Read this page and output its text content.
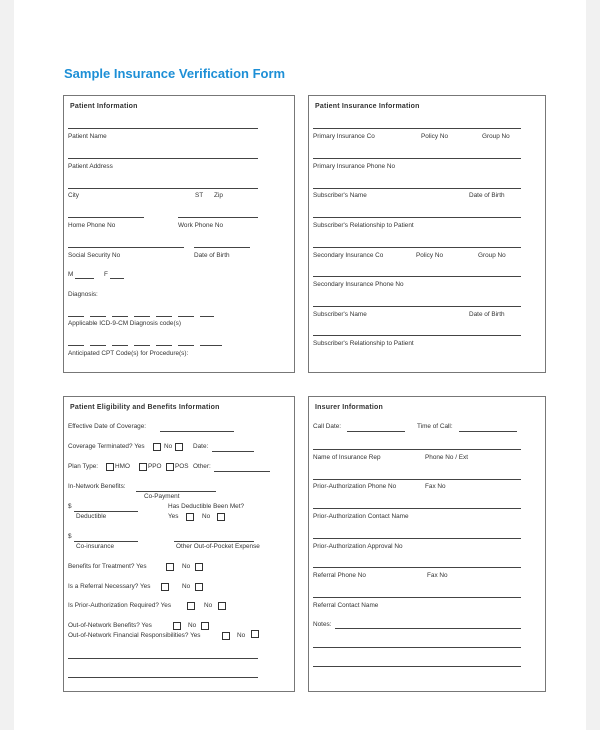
Sample Insurance Verification Form
Patient Information
Patient Name
Patient Address
City	ST Zip
Home Phone No	Work Phone No
Social Security No	Date of Birth
M	F
Diagnosis:
Applicable ICD-9-CM Diagnosis code(s)
Anticipated CPT Code(s) for Procedure(s):
Patient Insurance Information
Primary Insurance Co	Policy No	Group No
Primary Insurance Phone No
Subscriber's Name	Date of Birth
Subscriber's Relationship to Patient
Secondary Insurance Co	Policy No	Group No
Secondary Insurance Phone No
Subscriber's Name	Date of Birth
Subscriber's Relationship to Patient
Patient Eligibility and Benefits Information
Effective Date of Coverage:
Coverage Terminated? Yes	No	Date:
Plan Type:	HMO	PPO POS Other:
In-Network Benefits:
Co-Payment
$	Has Deductible Been Met?
Deductible	Yes	No
$
Co-insurance	Other Out-of-Pocket Expense
Benefits for Treatment? Yes	No
Is a Referral Necessary? Yes	No
Is Prior-Authorization Required? Yes	No
Out-of-Network Benefits? Yes	No
Out-of-Network Financial Responsibilities? Yes	No
Insurer Information
Call Date:	Time of Call:
Name of Insurance Rep	Phone No / Ext
Prior-Authorization Phone No	Fax No
Prior-Authorization Contact Name
Prior-Authorization Approval No
Referral Phone No	Fax No
Referral Contact Name
Notes:
